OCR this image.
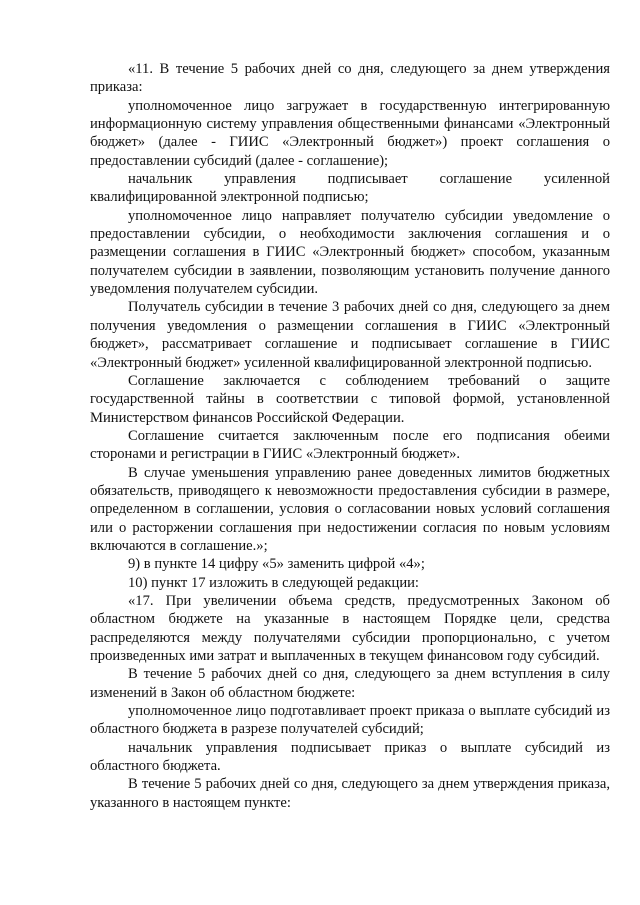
«11. В течение 5 рабочих дней со дня, следующего за днем утверждения приказа:

уполномоченное лицо загружает в государственную интегрированную информационную систему управления общественными финансами «Электронный бюджет» (далее - ГИИС «Электронный бюджет») проект соглашения о предоставлении субсидий (далее - соглашение);

начальник управления подписывает соглашение усиленной квалифицированной электронной подписью;

уполномоченное лицо направляет получателю субсидии уведомление о предоставлении субсидии, о необходимости заключения соглашения и о размещении соглашения в ГИИС «Электронный бюджет» способом, указанным получателем субсидии в заявлении, позволяющим установить получение данного уведомления получателем субсидии.

Получатель субсидии в течение 3 рабочих дней со дня, следующего за днем получения уведомления о размещении соглашения в ГИИС «Электронный бюджет», рассматривает соглашение и подписывает соглашение в ГИИС «Электронный бюджет» усиленной квалифицированной электронной подписью.

Соглашение заключается с соблюдением требований о защите государственной тайны в соответствии с типовой формой, установленной Министерством финансов Российской Федерации.

Соглашение считается заключенным после его подписания обеими сторонами и регистрации в ГИИС «Электронный бюджет».

В случае уменьшения управлению ранее доведенных лимитов бюджетных обязательств, приводящего к невозможности предоставления субсидии в размере, определенном в соглашении, условия о согласовании новых условий соглашения или о расторжении соглашения при недостижении согласия по новым условиям включаются в соглашение.»;

9) в пункте 14 цифру «5» заменить цифрой «4»;

10) пункт 17 изложить в следующей редакции:

«17. При увеличении объема средств, предусмотренных Законом об областном бюджете на указанные в настоящем Порядке цели, средства распределяются между получателями субсидии пропорционально, с учетом произведенных ими затрат и выплаченных в текущем финансовом году субсидий.

В течение 5 рабочих дней со дня, следующего за днем вступления в силу изменений в Закон об областном бюджете:

уполномоченное лицо подготавливает проект приказа о выплате субсидий из областного бюджета в разрезе получателей субсидий;

начальник управления подписывает приказ о выплате субсидий из областного бюджета.

В течение 5 рабочих дней со дня, следующего за днем утверждения приказа, указанного в настоящем пункте:
